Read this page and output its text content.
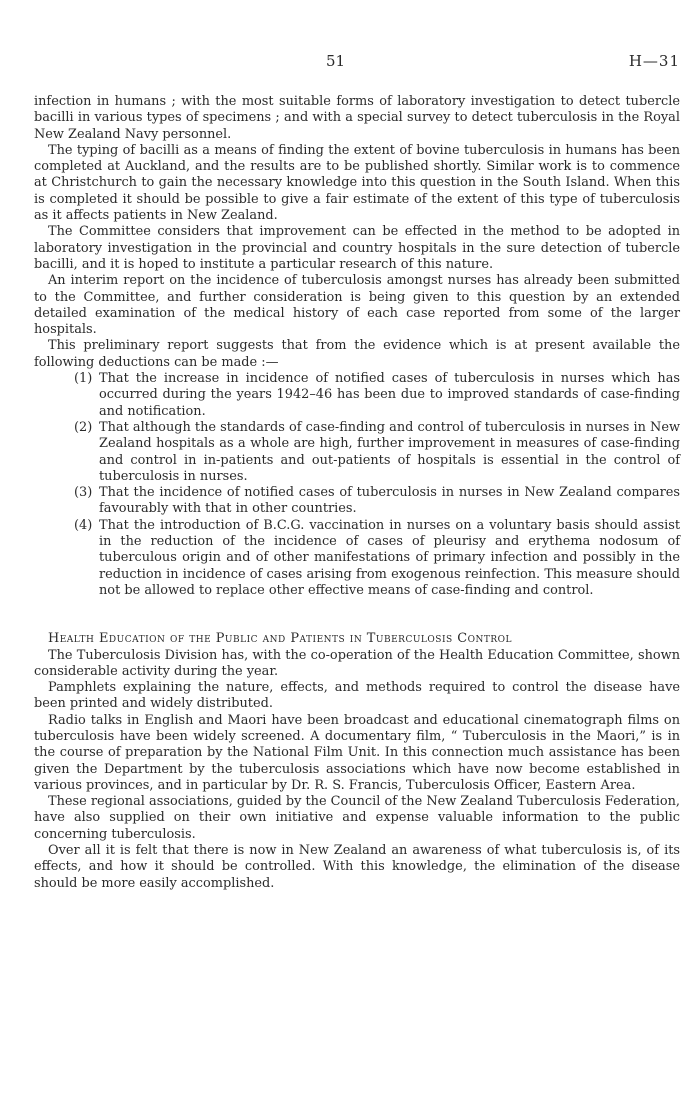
51	H—31

infection in humans ; with the most suitable forms of laboratory investigation to detect tubercle bacilli in various types of specimens ; and with a special survey to detect tuberculosis in the Royal New Zealand Navy personnel.

The typing of bacilli as a means of finding the extent of bovine tuberculosis in humans has been completed at Auckland, and the results are to be published shortly. Similar work is to commence at Christchurch to gain the necessary knowledge into this question in the South Island. When this is completed it should be possible to give a fair estimate of the extent of this type of tuberculosis as it affects patients in New Zealand.

The Committee considers that improvement can be effected in the method to be adopted in laboratory investigation in the provincial and country hospitals in the sure detection of tubercle bacilli, and it is hoped to institute a particular research of this nature.

An interim report on the incidence of tuberculosis amongst nurses has already been submitted to the Committee, and further consideration is being given to this question by an extended detailed examination of the medical history of each case reported from some of the larger hospitals.

This preliminary report suggests that from the evidence which is at present available the following deductions can be made :—

(1) That the increase in incidence of notified cases of tuberculosis in nurses which has occurred during the years 1942–46 has been due to improved standards of case-finding and notification.
(2) That although the standards of case-finding and control of tuberculosis in nurses in New Zealand hospitals as a whole are high, further improvement in measures of case-finding and control in in-patients and out-patients of hospitals is essential in the control of tuberculosis in nurses.
(3) That the incidence of notified cases of tuberculosis in nurses in New Zealand compares favourably with that in other countries.
(4) That the introduction of B.C.G. vaccination in nurses on a voluntary basis should assist in the reduction of the incidence of cases of pleurisy and erythema nodosum of tuberculous origin and of other manifestations of primary infection and possibly in the reduction in incidence of cases arising from exogenous reinfection. This measure should not be allowed to replace other effective means of case-finding and control.
Health Education of the Public and Patients in Tuberculosis Control

The Tuberculosis Division has, with the co-operation of the Health Education Committee, shown considerable activity during the year.

Pamphlets explaining the nature, effects, and methods required to control the disease have been printed and widely distributed.

Radio talks in English and Maori have been broadcast and educational cinematograph films on tuberculosis have been widely screened. A documentary film, “ Tuberculosis in the Maori,” is in the course of preparation by the National Film Unit. In this connection much assistance has been given the Department by the tuberculosis associations which have now become established in various provinces, and in particular by Dr. R. S. Francis, Tuberculosis Officer, Eastern Area.

These regional associations, guided by the Council of the New Zealand Tuberculosis Federation, have also supplied on their own initiative and expense valuable information to the public concerning tuberculosis.

Over all it is felt that there is now in New Zealand an awareness of what tuberculosis is, of its effects, and how it should be controlled. With this knowledge, the elimination of the disease should be more easily accomplished.
